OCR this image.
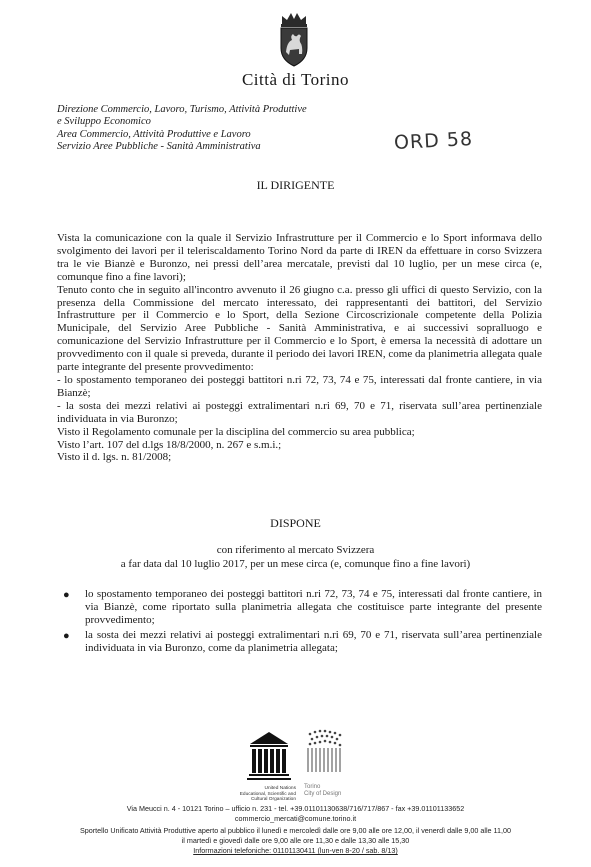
Città di Torino
Direzione Commercio, Lavoro, Turismo, Attività Produttive
e Sviluppo Economico
Area Commercio, Attività Produttive e Lavoro
Servizio Aree Pubbliche - Sanità Amministrativa	ORD 58
IL DIRIGENTE

Vista la comunicazione con la quale il Servizio Infrastrutture per il Commercio e lo Sport informava dello svolgimento dei lavori per il teleriscaldamento Torino Nord da parte di IREN da effettuare in corso Svizzera tra le vie Bianzè e Buronzo, nei pressi dell’area mercatale, previsti dal 10 luglio, per un mese circa (e, comunque fino a fine lavori);

Tenuto conto che in seguito all'incontro avvenuto il 26 giugno c.a. presso gli uffici di questo Servizio, con la presenza della Commissione del mercato interessato, dei rappresentanti dei battitori, del Servizio Infrastrutture per il Commercio e lo Sport, della Sezione Circoscrizionale competente della Polizia Municipale, del Servizio Aree Pubbliche - Sanità Amministrativa, e ai successivi sopralluogo e comunicazione del Servizio Infrastrutture per il Commercio e lo Sport, è emersa la necessità di adottare un provvedimento con il quale si preveda, durante il periodo dei lavori IREN, come da planimetria allegata quale parte integrante del presente provvedimento:

- lo spostamento temporaneo dei posteggi battitori n.ri 72, 73, 74 e 75, interessati dal fronte cantiere, in via Bianzè;

- la sosta dei mezzi relativi ai posteggi extralimentari n.ri 69, 70 e 71, riservata sull’area pertinenziale individuata in via Buronzo;

Visto il Regolamento comunale per la disciplina del commercio su area pubblica;

Visto l’art. 107 del d.lgs 18/8/2000, n. 267 e s.m.i.;

Visto il d. lgs. n. 81/2008;

DISPONE
con riferimento al mercato Svizzera
a far data dal 10 luglio 2017, per un mese circa (e, comunque fino a fine lavori)
● lo spostamento temporaneo dei posteggi battitori n.ri 72, 73, 74 e 75, interessati dal fronte cantiere, in via Bianzè, come riportato sulla planimetria allegata che costituisce parte integrante del presente provvedimento;
● la sosta dei mezzi relativi ai posteggi extralimentari n.ri 69, 70 e 71, riservata sull’area pertinenziale individuata in via Buronzo, come da planimetria allegata;
United Nations
Educational, Scientific and
Cultural Organization
Torino
City of Design
Via Meucci n. 4 - 10121 Torino – ufficio n. 231 - tel. +39.01101130638/716/717/867 - fax +39.01101133652
commercio_mercati@comune.torino.it
Sportello Unificato Attività Produttive aperto al pubblico il lunedì e mercoledì dalle ore 9,00 alle ore 12,00, il venerdì dalle 9,00 alle 11,00
il martedì e giovedì dalle ore 9,00 alle ore 11,30 e dalle 13,30 alle 15,30
Informazioni telefoniche: 01101130411 (lun-ven 8-20 / sab. 8/13)
